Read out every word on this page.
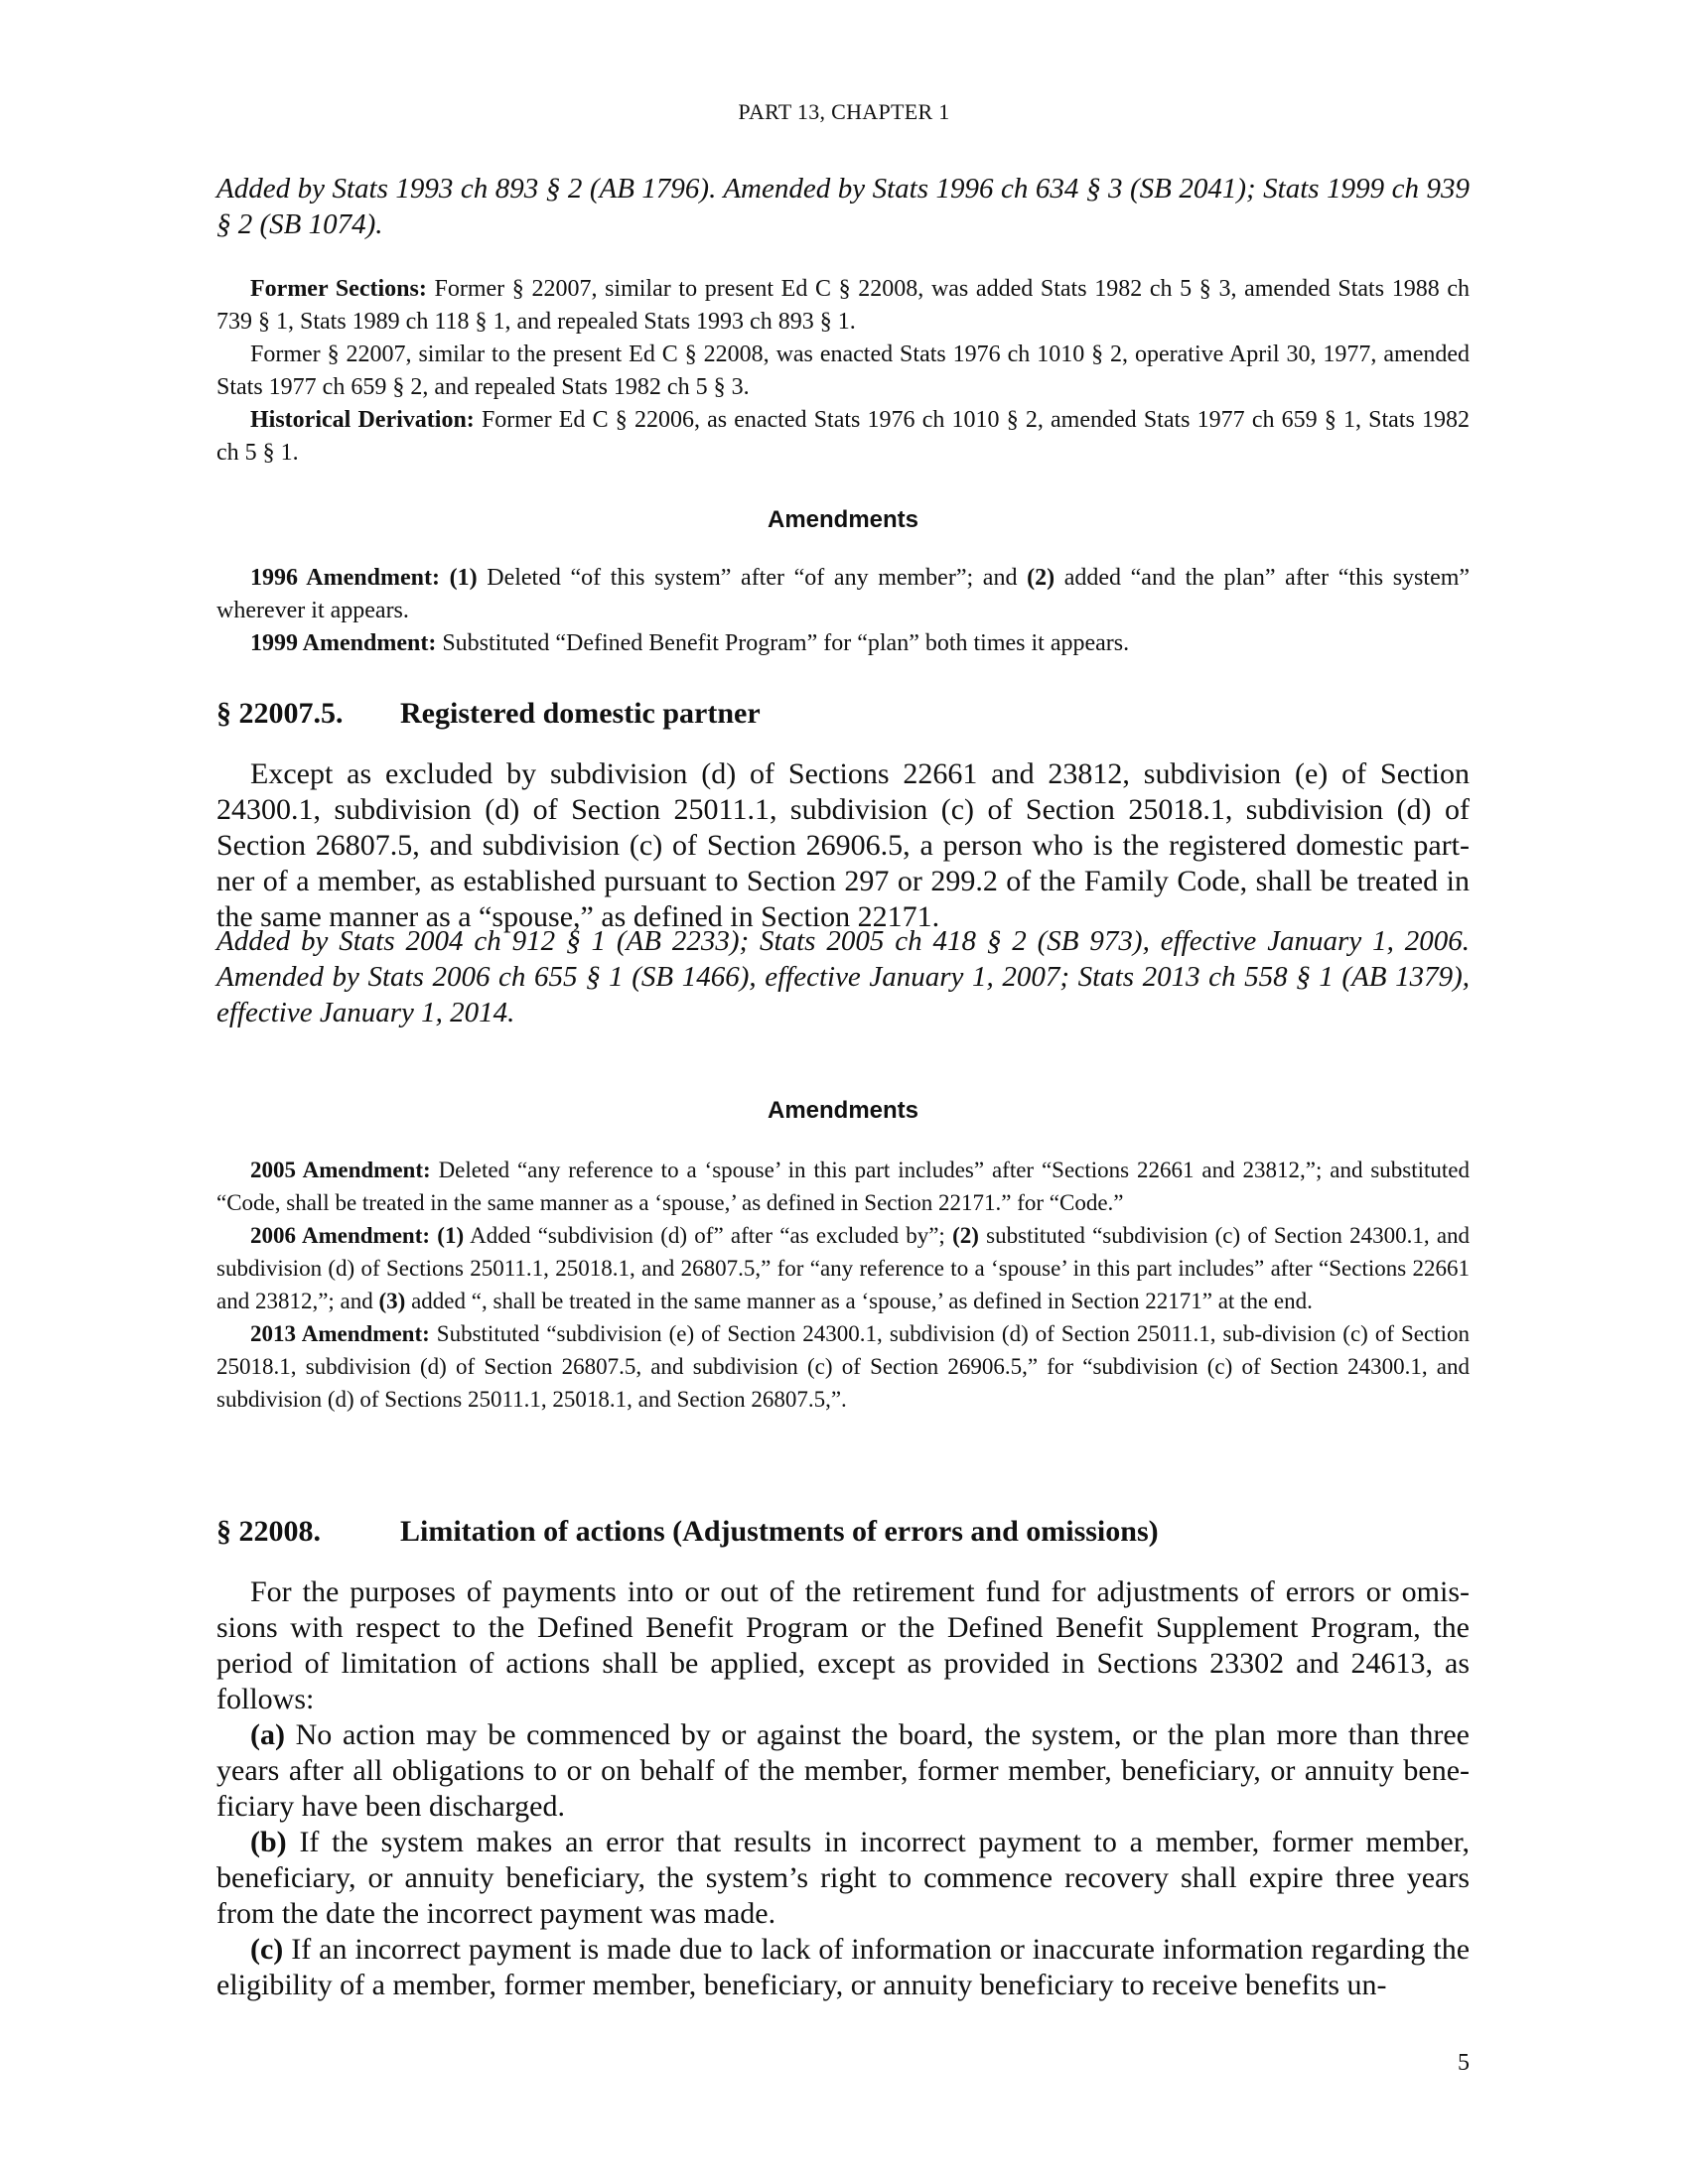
PART 13, CHAPTER 1

Added by Stats 1993 ch 893 § 2 (AB 1796). Amended by Stats 1996 ch 634 § 3 (SB 2041); Stats 1999 ch 939 § 2 (SB 1074).

Former Sections: Former § 22007, similar to present Ed C § 22008, was added Stats 1982 ch 5 § 3, amended Stats 1988 ch 739 § 1, Stats 1989 ch 118 § 1, and repealed Stats 1993 ch 893 § 1.

Former § 22007, similar to the present Ed C § 22008, was enacted Stats 1976 ch 1010 § 2, operative April 30, 1977, amended Stats 1977 ch 659 § 2, and repealed Stats 1982 ch 5 § 3.

Historical Derivation: Former Ed C § 22006, as enacted Stats 1976 ch 1010 § 2, amended Stats 1977 ch 659 § 1, Stats 1982 ch 5 § 1.

Amendments

1996 Amendment: (1) Deleted “of this system” after “of any member”; and (2) added “and the plan” after “this system” wherever it appears.

1999 Amendment: Substituted “Defined Benefit Program” for “plan” both times it appears.

§ 22007.5. Registered domestic partner

Except as excluded by subdivision (d) of Sections 22661 and 23812, subdivision (e) of Section 24300.1, subdivision (d) of Section 25011.1, subdivision (c) of Section 25018.1, subdivision (d) of Section 26807.5, and subdivision (c) of Section 26906.5, a person who is the registered domestic part-ner of a member, as established pursuant to Section 297 or 299.2 of the Family Code, shall be treated in the same manner as a “spouse,” as defined in Section 22171.

Added by Stats 2004 ch 912 § 1 (AB 2233); Stats 2005 ch 418 § 2 (SB 973), effective January 1, 2006. Amended by Stats 2006 ch 655 § 1 (SB 1466), effective January 1, 2007; Stats 2013 ch 558 § 1 (AB 1379), effective January 1, 2014.

Amendments

2005 Amendment: Deleted “any reference to a ‘spouse’ in this part includes” after “Sections 22661 and 23812,”; and substituted “Code, shall be treated in the same manner as a ‘spouse,’ as defined in Section 22171.” for “Code.”

2006 Amendment: (1) Added “subdivision (d) of” after “as excluded by”; (2) substituted “subdivision (c) of Section 24300.1, and subdivision (d) of Sections 25011.1, 25018.1, and 26807.5,” for “any reference to a ‘spouse’ in this part includes” after “Sections 22661 and 23812,”; and (3) added “, shall be treated in the same manner as a ‘spouse,’ as defined in Section 22171” at the end.

2013 Amendment: Substituted “subdivision (e) of Section 24300.1, subdivision (d) of Section 25011.1, sub-division (c) of Section 25018.1, subdivision (d) of Section 26807.5, and subdivision (c) of Section 26906.5,” for “subdivision (c) of Section 24300.1, and subdivision (d) of Sections 25011.1, 25018.1, and Section 26807.5,”.

§ 22008.	Limitation of actions (Adjustments of errors and omissions)

For the purposes of payments into or out of the retirement fund for adjustments of errors or omis-sions with respect to the Defined Benefit Program or the Defined Benefit Supplement Program, the period of limitation of actions shall be applied, except as provided in Sections 23302 and 24613, as follows:

(a) No action may be commenced by or against the board, the system, or the plan more than three years after all obligations to or on behalf of the member, former member, beneficiary, or annuity bene-ficiary have been discharged.

(b) If the system makes an error that results in incorrect payment to a member, former member, beneficiary, or annuity beneficiary, the system’s right to commence recovery shall expire three years from the date the incorrect payment was made.

(c) If an incorrect payment is made due to lack of information or inaccurate information regarding the eligibility of a member, former member, beneficiary, or annuity beneficiary to receive benefits un-

5
